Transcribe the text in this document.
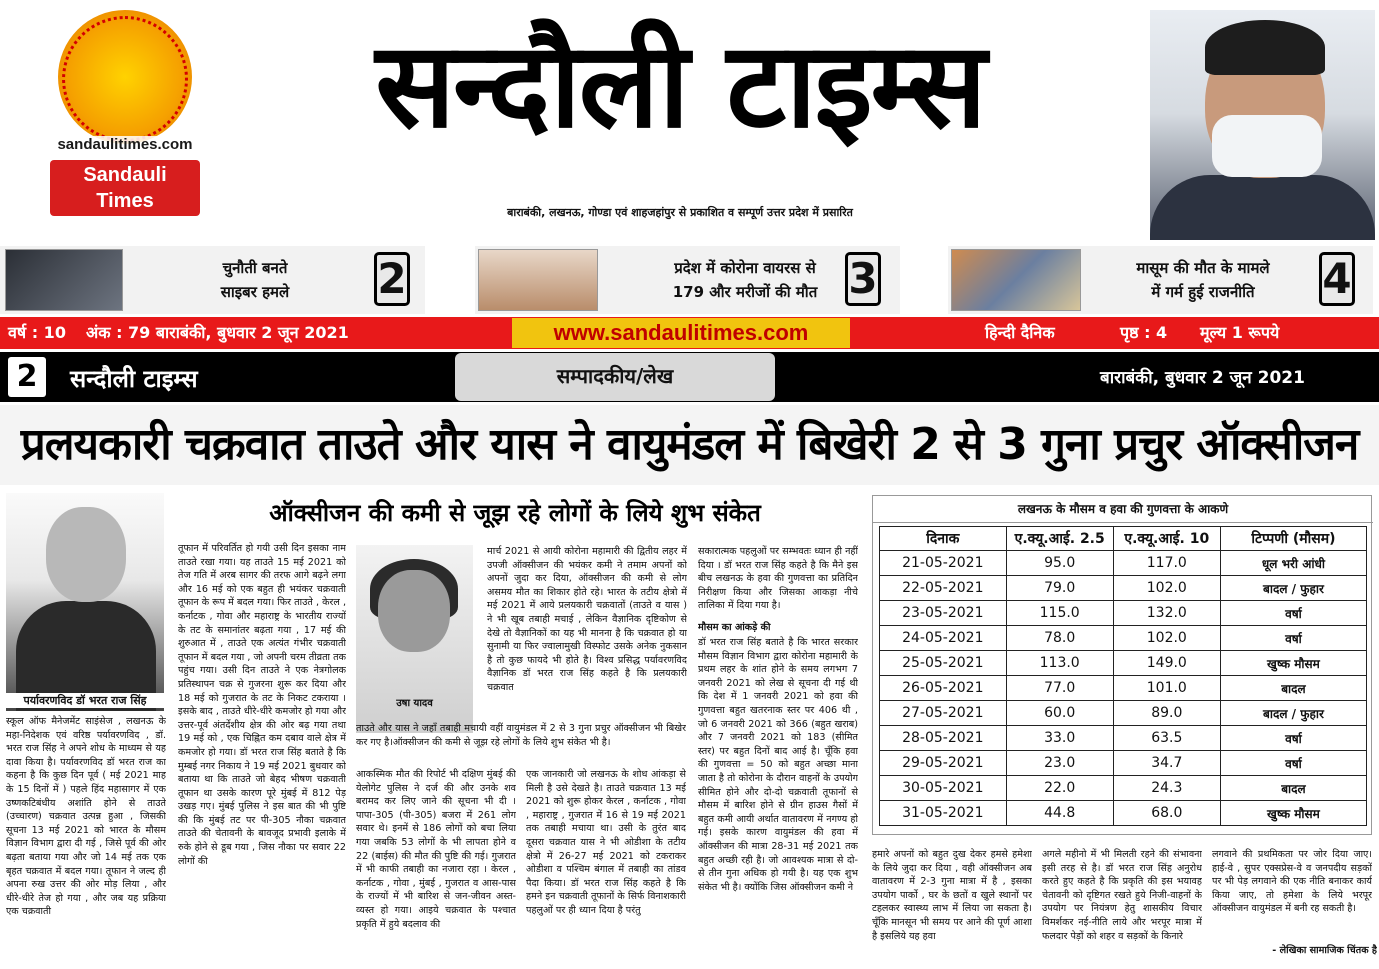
sandaulitimes.com
Sandauli
Times
सन्दौली टाइम्स
बाराबंकी, लखनऊ, गोण्डा एवं शाहजहांपुर से प्रकाशित व सम्पूर्ण उत्तर प्रदेश में प्रसारित
चुनौती बनते
साइबर हमले	2	प्रदेश में कोरोना वायरस से
179 और मरीजों की मौत 3	मासूम की मौत के मामले
में गर्म हुई राजनीति	4
वर्ष : 10 अंक : 79 बाराबंकी, बुधवार 2 जून 2021	www.sandaulitimes.com	हिन्दी दैनिक	पृष्ठ : 4 मूल्य 1 रूपये
2	सन्दौली टाइम्स	सम्पादकीय/लेख	बाराबंकी, बुधवार 2 जून 2021
प्रलयकारी चक्रवात ताउते और यास ने वायुमंडल में बिखेरी 2 से 3 गुना प्रचुर ऑक्सीजन
ऑक्सीजन की कमी से जूझ रहे लोगों के लिये शुभ संकेत
पर्यावरणविद डॉ भरत राज सिंह
स्कूल ऑफ मैनेजमेंट साइंसेज , लखनऊ के महा-निदेशक एवं वरिष्ठ पर्यावरणविद , डॉ. भरत राज सिंह ने अपने शोध के माध्यम से यह दावा किया है। पर्यावरणविद डॉ भरत राज का कहना है कि कुछ दिन पूर्व ( मई 2021 माह के 15 दिनों में ) पहले हिंद महासागर में एक उष्णकटिबंधीय अशांति होने से ताउते (उच्चारण) चक्रवात उत्पन्न हुआ , जिसकी सूचना 13 मई 2021 को भारत के मौसम विज्ञान विभाग द्वारा दी गई , जिसे पूर्व की ओर बढ़ता बताया गया और जो 14 मई तक एक बृहत चक्रवात में बदल गया। तूफान ने जल्द ही अपना रुख उत्तर की ओर मोड़ लिया , और धीरे-धीरे तेज हो गया , और जब यह प्रक्रिया एक चक्रवाती
तूफान में परिवर्तित हो गयी उसी दिन इसका नाम ताउते रखा गया। यह ताउते 15 मई 2021 को तेज गति में अरब सागर की तरफ आगे बढ़ने लगा और 16 मई को एक बहुत ही भयंकर चक्रवाती तूफान के रूप में बदल गया। फिर ताउते , केरल , कर्नाटक , गोवा और महाराष्ट्र के भारतीय राज्यों के तट के समानांतर बढ़ता गया , 17 मई की शुरुआत में , ताउते एक अत्यंत गंभीर चक्रवाती तूफान में बदल गया , जो अपनी चरम तीव्रता तक पहुंच गया। उसी दिन ताउते ने एक नेत्रगोलक प्रतिस्थापन चक्र से गुजरना शुरू कर दिया और 18 मई को गुजरात के तट के निकट टकराया । इसके बाद , ताउते धीरे-धीरे कमजोर हो गया और उत्तर-पूर्व अंतर्देशीय क्षेत्र की ओर बढ़ गया तथा 19 मई को , एक चिह्नित कम दबाव वाले क्षेत्र में कमजोर हो गया। डॉ भरत राज सिंह बताते है कि मुम्बई नगर निकाय ने 19 मई 2021 बुधवार को बताया था कि ताउते जो बेहद भीषण चक्रवाती तूफान था उसके कारण पूरे मुंबई में 812 पेड़ उखड़ गए। मुंबई पुलिस ने इस बात की भी पुष्टि की कि मुंबई तट पर पी-305 नौका चक्रवात ताउते की चेतावनी के बावजूद प्रभावी इलाके में रुके होने से डूब गया , जिस नौका पर सवार 22 लोगों की
उषा यादव
मार्च 2021 से आयी कोरोना महामारी की द्वितीय लहर में उपजी ऑक्सीजन की भयंकर कमी ने तमाम अपनों को अपनों जुदा कर दिया, ऑक्सीजन की कमी से लोग असमय मौत का शिकार होते रहे। भारत के तटीय क्षेत्रो में मई 2021 में आये प्रलयकारी चक्रवातों (ताउते व यास ) ने भी खूब तबाही मचाई , लेकिन वैज्ञानिक दृष्टिकोण से देखे तो वैज्ञानिकों का यह भी मानना है कि चक्रवात हो या सुनामी या फिर ज्वालामुखी विस्फोट उसके अनेक नुकसान है तो कुछ फायदे भी होते है। विश्व प्रसिद्ध पर्यावरणविद वैज्ञानिक डॉ भरत राज सिंह कहते है कि प्रलयकारी चक्रवात
ताउते और यास ने जहाँ तबाही मचायी वहीं वायुमंडल में 2 से 3 गुना प्रचुर ऑक्सीजन भी बिखेर कर गए है।ऑक्सीजन की कमी से जूझ रहे लोगों के लिये शुभ संकेत भी है।
आकस्मिक मौत की रिपोर्ट भी दक्षिण मुंबई की येलोगेट पुलिस ने दर्ज की और उनके शव बरामद कर लिए जाने की सूचना भी दी । पापा-305 (पी-305) बजरा में 261 लोग सवार थे। इनमें से 186 लोगों को बचा लिया गया जबकि 53 लोगों के भी लापता होने व 22 (बाईस) की मौत की पुष्टि की गई। गुजरात में भी काफी तबाही का नजारा रहा । केरल , कर्नाटक , गोवा , मुंबई , गुजरात व आस-पास के राज्यों में भी बारिश से जन-जीवन अस्त-व्यस्त हो गया। आइये चक्रवात के पश्चात प्रकृति में हुये बदलाव की
एक जानकारी जो लखनऊ के शोध आंकड़ा से मिली है उसे देखते है। ताउते चक्रवात 13 मई 2021 को शुरू होकर केरल , कर्नाटक , गोवा , महाराष्ट्र , गुजरात में 16 से 19 मई 2021 तक तबाही मचाया था। उसी के तुरंत बाद दूसरा चक्रवात यास ने भी ओडीशा के तटीय क्षेत्रो में 26-27 मई 2021 को टकराकर ओडीशा व पश्चिम बंगाल में तबाही का तांडव पैदा किया। डॉ भरत राज सिंह कहते है कि हमने इन चक्रवाती तूफानों के सिर्फ विनाशकारी पहलुओं पर ही ध्यान दिया है परंतु
सकारात्मक पहलुओं पर सम्भवतः ध्यान ही नहीं दिया । डॉ भरत राज सिंह कहते है कि मैने इस बीच लखनऊ के हवा की गुणवत्ता का प्रतिदिन निरीक्षण किया और जिसका आकड़ा नीचे तालिका में दिया गया है।
मौसम का आंकड़े की
डॉ भरत राज सिंह बताते है कि भारत सरकार मौसम विज्ञान विभाग द्वारा कोरोना महामारी के प्रथम लहर के शांत होने के समय लगभग 7 जनवरी 2021 को लेख से सूचना दी गई थी कि देश में 1 जनवरी 2021 को हवा की गुणवत्ता बहुत खतरनाक स्तर पर 406 थी , जो 6 जनवरी 2021 को 366 (बहुत खराब) और 7 जनवरी 2021 को 183 (सीमित स्तर) पर बहुत दिनों बाद आई है। चूँकि हवा की गुणवत्ता = 50 को बहुत अच्छा माना जाता है तो कोरोना के दौरान वाहनों के उपयोग सीमित होने और दो-दो चक्रवाती तूफानों से मौसम में बारिश होने से ग्रीन हाउस गैसों में बहुत कमी आयी अर्थात वातावरण में नगण्य हो गई। इसके कारण वायुमंडल की हवा में ऑक्सीजन की मात्रा 28-31 मई 2021 तक बहुत अच्छी रही है। जो आवश्यक मात्रा से दो- से तीन गुना अधिक हो गयी है। यह एक शुभ संकेत भी है। क्योंकि जिस ऑक्सीजन कमी ने
हमारे अपनों को बहुत दुख देकर हमसे हमेशा के लिये जुदा कर दिया , वही ऑक्सीजन अब वातावरण में 2-3 गुना मात्रा में है , इसका उपयोग पार्को , घर के छतों व खुले स्थानों पर टहलकर स्वास्थ्य लाभ में लिया जा सकता है। चूँकि मानसून भी समय पर आने की पूर्ण आशा है इसलिये यह हवा
अगले महीनो में भी मिलती रहने की संभावना इसी तरह से है। डॉ भरत राज सिंह अनुरोध करते हुए कहते है कि प्रकृति की इस भयावह चेतावनी को दृष्टिगत रखते हुये निजी-वाहनों के उपयोग पर नियंत्रण हेतु शासकीय विचार विमर्शकर नई-नीति लाये और भरपूर मात्रा में फलदार पेड़ों को शहर व सड़कों के किनारे
लगवाने की प्रथमिकता पर जोर दिया जाए। हाई-वे , सुपर एक्सप्रेस-वे व जनपदीय सड़कों पर भी पेड़ लगवाने की एक नीति बनाकर कार्य किया जाए, तो हमेशा के लिये भरपूर ऑक्सीजन वायुमंडल में बनी रह सकती है।
- लेखिका सामाजिक चिंतक है
लखनऊ के मौसम व हवा की गुणवत्ता के आकणे
दिनाक	ए.क्यू.आई. 2.5	ए.क्यू.आई. 10	टिप्पणी (मौसम)
21-05-2021	95.0	117.0	धूल भरी आंधी
22-05-2021	79.0	102.0	बादल / फुहार
23-05-2021	115.0	132.0	वर्षा
24-05-2021	78.0	102.0	वर्षा
25-05-2021	113.0	149.0	खुष्क मौसम
26-05-2021	77.0	101.0	बादल
27-05-2021	60.0	89.0	बादल / फुहार
28-05-2021	33.0	63.5	वर्षा
29-05-2021	23.0	34.7	वर्षा
30-05-2021	22.0	24.3	बादल
31-05-2021	44.8	68.0	खुष्क मौसम
